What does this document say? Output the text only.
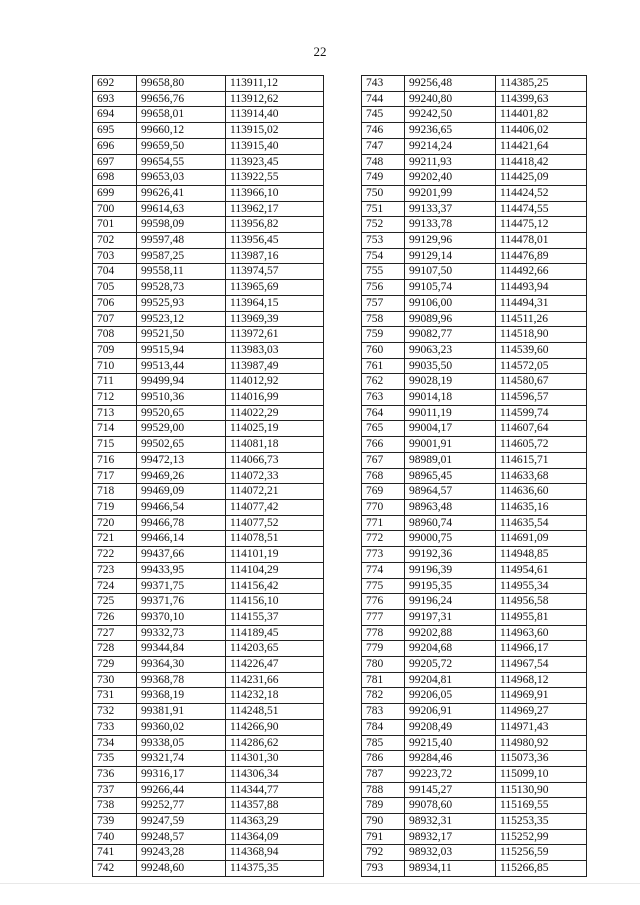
22
692	99658,80	113911,12
693	99656,76	113912,62
694	99658,01	113914,40
695	99660,12	113915,02
696	99659,50	113915,40
697	99654,55	113923,45
698	99653,03	113922,55
699	99626,41	113966,10
700	99614,63	113962,17
701	99598,09	113956,82
702	99597,48	113956,45
703	99587,25	113987,16
704	99558,11	113974,57
705	99528,73	113965,69
706	99525,93	113964,15
707	99523,12	113969,39
708	99521,50	113972,61
709	99515,94	113983,03
710	99513,44	113987,49
711	99499,94	114012,92
712	99510,36	114016,99
713	99520,65	114022,29
714	99529,00	114025,19
715	99502,65	114081,18
716	99472,13	114066,73
717	99469,26	114072,33
718	99469,09	114072,21
719	99466,54	114077,42
720	99466,78	114077,52
721	99466,14	114078,51
722	99437,66	114101,19
723	99433,95	114104,29
724	99371,75	114156,42
725	99371,76	114156,10
726	99370,10	114155,37
727	99332,73	114189,45
728	99344,84	114203,65
729	99364,30	114226,47
730	99368,78	114231,66
731	99368,19	114232,18
732	99381,91	114248,51
733	99360,02	114266,90
734	99338,05	114286,62
735	99321,74	114301,30
736	99316,17	114306,34
737	99266,44	114344,77
738	99252,77	114357,88
739	99247,59	114363,29
740	99248,57	114364,09
741	99243,28	114368,94
742	99248,60	114375,35
743	99256,48	114385,25
744	99240,80	114399,63
745	99242,50	114401,82
746	99236,65	114406,02
747	99214,24	114421,64
748	99211,93	114418,42
749	99202,40	114425,09
750	99201,99	114424,52
751	99133,37	114474,55
752	99133,78	114475,12
753	99129,96	114478,01
754	99129,14	114476,89
755	99107,50	114492,66
756	99105,74	114493,94
757	99106,00	114494,31
758	99089,96	114511,26
759	99082,77	114518,90
760	99063,23	114539,60
761	99035,50	114572,05
762	99028,19	114580,67
763	99014,18	114596,57
764	99011,19	114599,74
765	99004,17	114607,64
766	99001,91	114605,72
767	98989,01	114615,71
768	98965,45	114633,68
769	98964,57	114636,60
770	98963,48	114635,16
771	98960,74	114635,54
772	99000,75	114691,09
773	99192,36	114948,85
774	99196,39	114954,61
775	99195,35	114955,34
776	99196,24	114956,58
777	99197,31	114955,81
778	99202,88	114963,60
779	99204,68	114966,17
780	99205,72	114967,54
781	99204,81	114968,12
782	99206,05	114969,91
783	99206,91	114969,27
784	99208,49	114971,43
785	99215,40	114980,92
786	99284,46	115073,36
787	99223,72	115099,10
788	99145,27	115130,90
789	99078,60	115169,55
790	98932,31	115253,35
791	98932,17	115252,99
792	98932,03	115256,59
793	98934,11	115266,85
